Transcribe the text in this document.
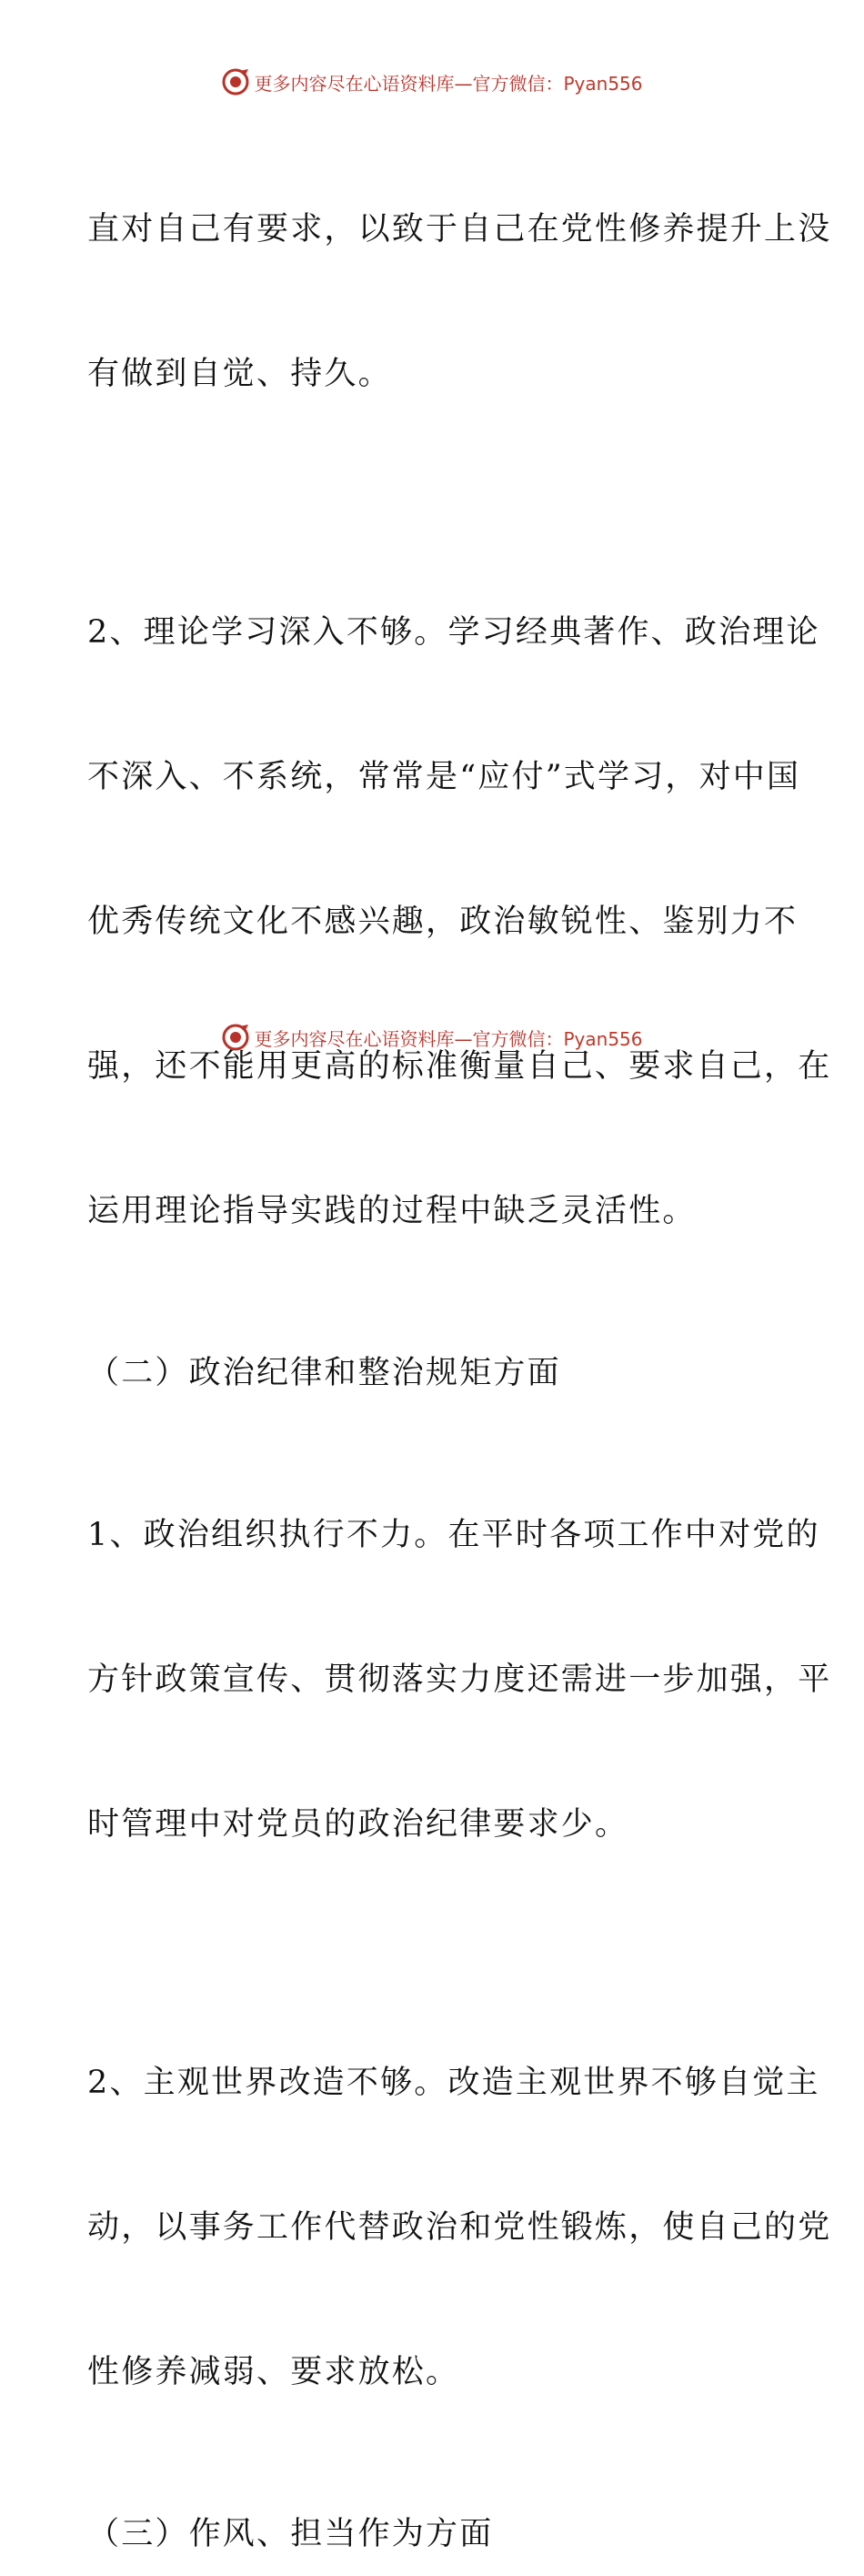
更多内容尽在心语资料库—官方微信：Pyan556

直对自己有要求，以致于自己在党性修养提升上没

有做到自觉、持久。

2、理论学习深入不够。学习经典著作、政治理论

不深入、不系统，常常是“应付”式学习，对中国

优秀传统文化不感兴趣，政治敏锐性、鉴别力不

强，还不能用更高的标准衡量自己、要求自己，在

运用理论指导实践的过程中缺乏灵活性。

（二）政治纪律和整治规矩方面

1、政治组织执行不力。在平时各项工作中对党的

方针政策宣传、贯彻落实力度还需进一步加强，平

时管理中对党员的政治纪律要求少。

2、主观世界改造不够。改造主观世界不够自觉主

动，以事务工作代替政治和党性锻炼，使自己的党

性修养减弱、要求放松。

（三）作风、担当作为方面
更多内容尽在心语资料库—官方微信：Pyan556
